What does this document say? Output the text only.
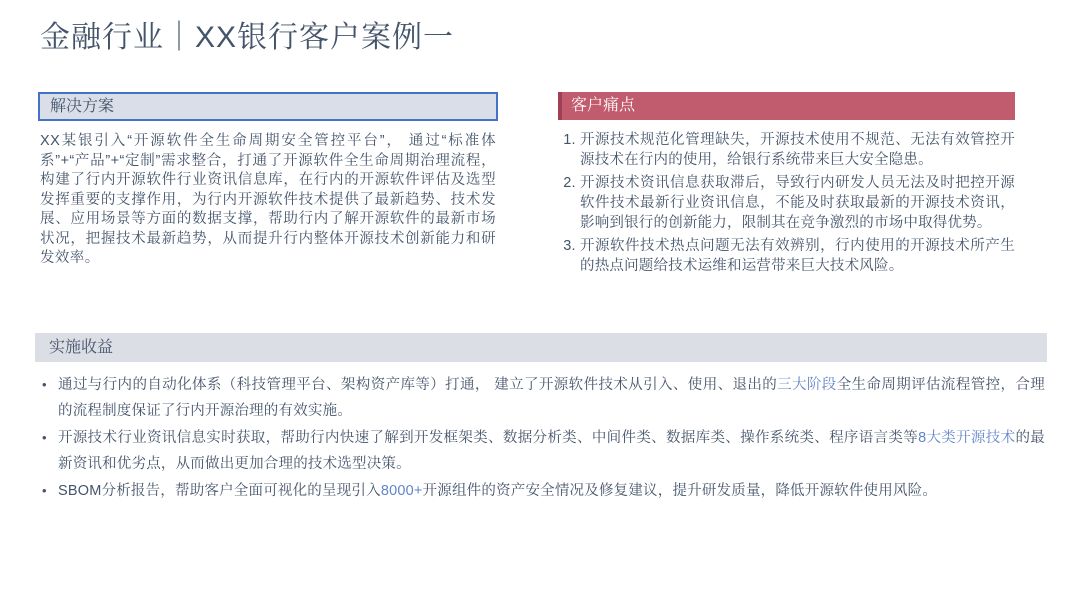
金融行业｜XX银行客户案例一
解决方案

XX某银引入“开源软件全生命周期安全管控平台”， 通过“标准体系”+“产品”+“定制”需求整合，打通了开源软件全生命周期治理流程，构建了行内开源软件行业资讯信息库，在行内的开源软件评估及选型发挥重要的支撑作用，为行内开源软件技术提供了最新趋势、技术发展、应用场景等方面的数据支撑，帮助行内了解开源软件的最新市场状况，把握技术最新趋势，从而提升行内整体开源技术创新能力和研发效率。

客户痛点
1. 开源技术规范化管理缺失，开源技术使用不规范、无法有效管控开源技术在行内的使用，给银行系统带来巨大安全隐患。
2. 开源技术资讯信息获取滞后，导致行内研发人员无法及时把控开源软件技术最新行业资讯信息，不能及时获取最新的开源技术资讯，影响到银行的创新能力，限制其在竞争激烈的市场中取得优势。
3. 开源软件技术热点问题无法有效辨别，行内使用的开源技术所产生的热点问题给技术运维和运营带来巨大技术风险。
实施收益
• 通过与行内的自动化体系（科技管理平台、架构资产库等）打通， 建立了开源软件技术从引入、使用、退出的三大阶段全生命周期评估流程管控，合理的流程制度保证了行内开源治理的有效实施。
• 开源技术行业资讯信息实时获取，帮助行内快速了解到开发框架类、数据分析类、中间件类、数据库类、操作系统类、程序语言类等8大类开源技术的最新资讯和优劣点，从而做出更加合理的技术选型决策。
• SBOM分析报告，帮助客户全面可视化的呈现引入8000+开源组件的资产安全情况及修复建议，提升研发质量，降低开源软件使用风险。
